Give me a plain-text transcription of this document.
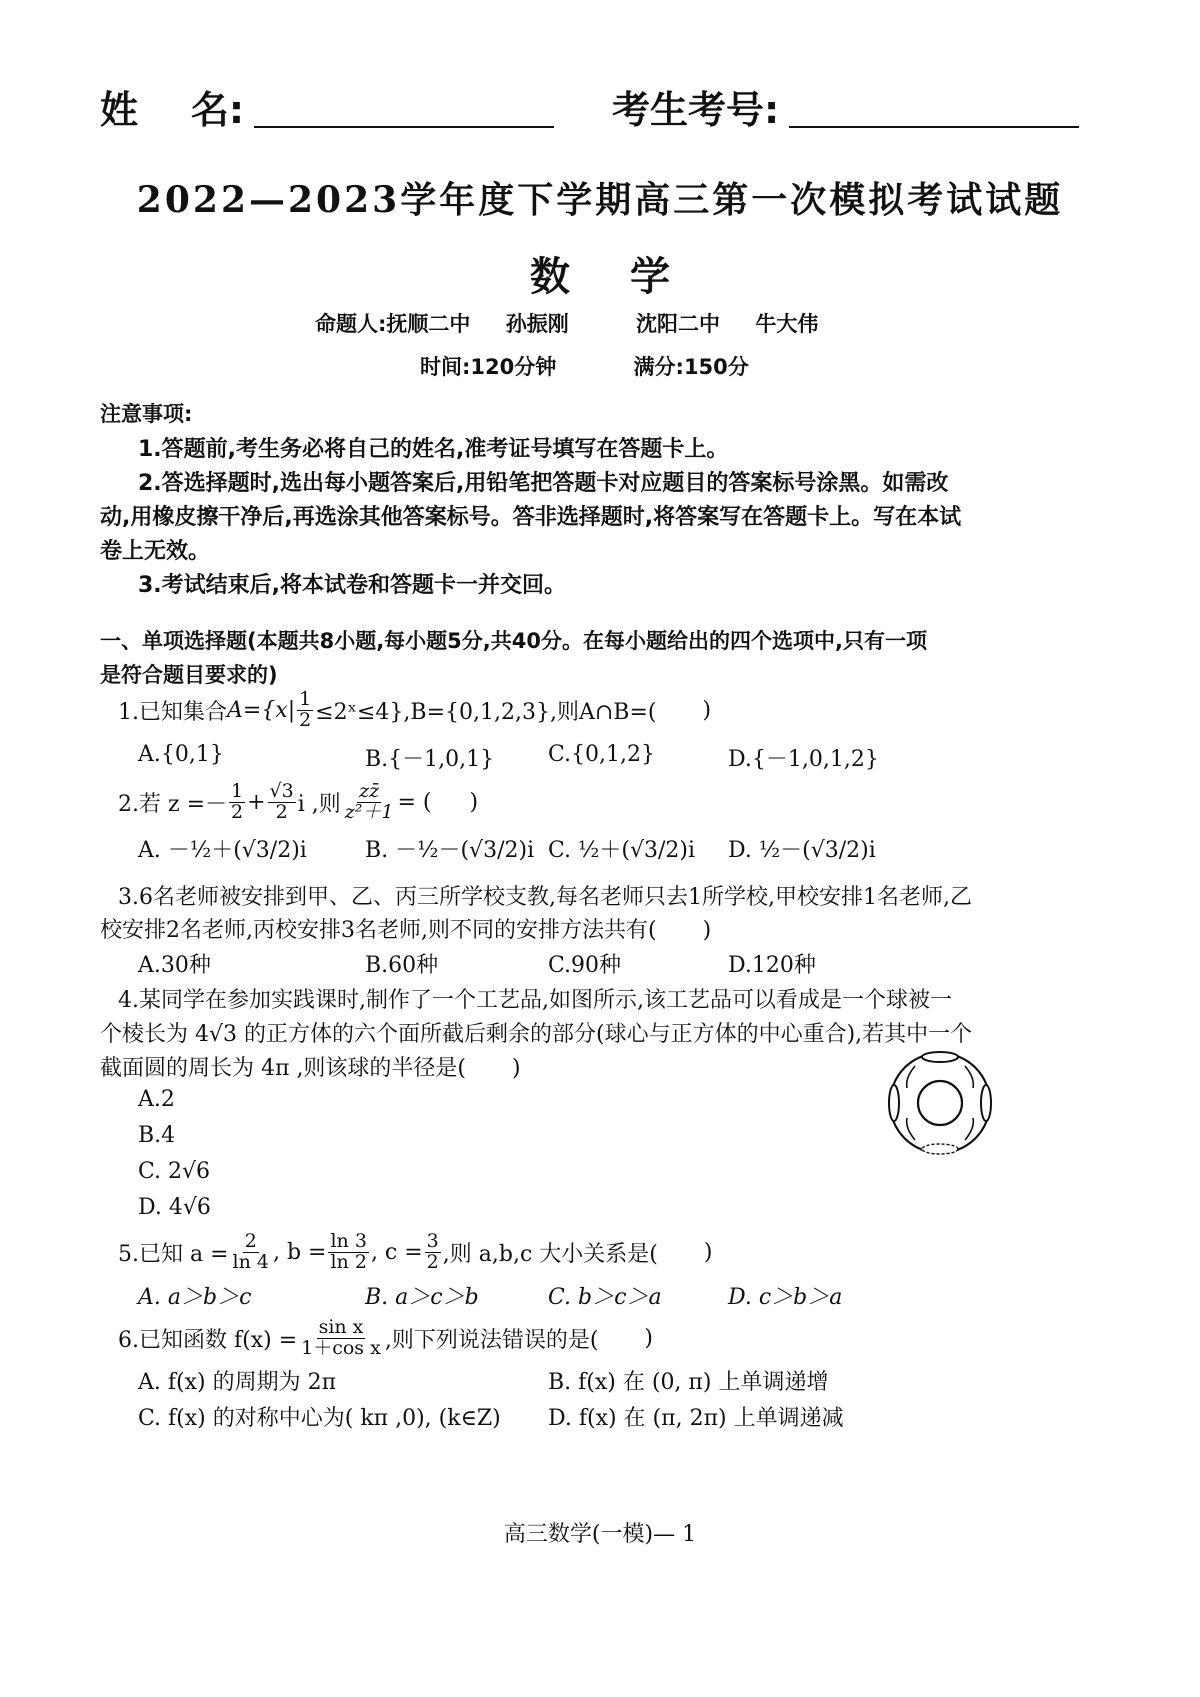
姓    名:	考生考号:
2022—2023学年度下学期高三第一次模拟考试试题
数学
命题人:抚顺二中 孙振刚	沈阳二中 牛大伟
时间:120分钟	满分:150分
注意事项:
1.答题前,考生务必将自己的姓名,准考证号填写在答题卡上。
2.答选择题时,选出每小题答案后,用铅笔把答题卡对应题目的答案标号涂黑。如需改
动,用橡皮擦干净后,再选涂其他答案标号。答非选择题时,将答案写在答题卡上。写在本试
卷上无效。
3.考试结束后,将本试卷和答题卡一并交回。
一、单项选择题(本题共8小题,每小题5分,共40分。在每小题给出的四个选项中,只有一项
是符合题目要求的)
1.已知集合 $A=\{x| \frac{1}{2}$ ≤2ˣ≤4},B={0,1,2,3},则A∩B=( )
A.{0,1}	B.{－1,0,1} C.{0,1,2}	D.{－1,0,1,2}
2.若 $z =- \frac{1}{2} + \frac{√3}{2}$ i ,则 $\frac{zz̄}{\text{z²＋1}}$ = ( )
A. －½＋(√3/2)i	B. －½－(√3/2)i C. ½＋(√3/2)i D. ½－(√3/2)i
3.6名老师被安排到甲、乙、丙三所学校支教,每名老师只去1所学校,甲校安排1名老师,乙
校安排2名老师,丙校安排3名老师,则不同的安排方法共有( )
A.30种	B.60种	C.90种	D.120种
4.某同学在参加实践课时,制作了一个工艺品,如图所示,该工艺品可以看成是一个球被一
个棱长为 4√3 的正方体的六个面所截后剩余的部分(球心与正方体的中心重合),若其中一个
截面圆的周长为 4π ,则该球的半径是( )
A.2
B.4
C. 2√6
D. 4√6
5.已知 $a = \frac{2}{\ln 4}$ , $b = \frac{\ln 3}{\ln 2}$ , $c = \frac{3}{2}$ ,则 a,b,c 大小关系是( )
A. a＞b＞c	B. a＞c＞b	C. b＞c＞a	D. c＞b＞a
6.已知函数 $f(x) = \frac{\text{sin x}}{\text{1＋cos x}}$ ,则下列说法错误的是( )
A. f(x) 的周期为 2π	B. f(x) 在 (0, π) 上单调递增
C. f(x) 的对称中心为( kπ ,0), (k∈Z) D. f(x) 在 (π, 2π) 上单调递减
高三数学(一模)— 1
